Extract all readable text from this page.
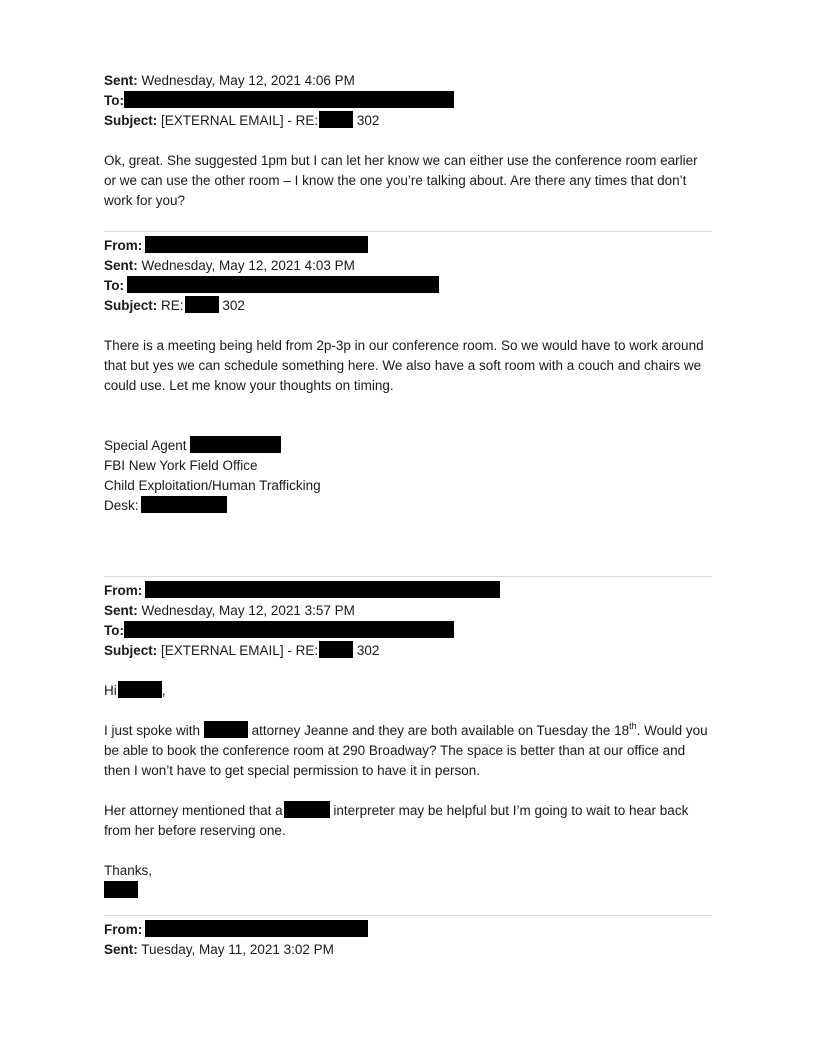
Sent: Wednesday, May 12, 2021 4:06 PM
To:
Subject: [EXTERNAL EMAIL] - RE:	302

Ok, great. She suggested 1pm but I can let her know we can either use the conference room earlier or we can use the other room – I know the one you’re talking about. Are there any times that don’t work for you?

From:
Sent: Wednesday, May 12, 2021 4:03 PM
To:
Subject: RE:	302

There is a meeting being held from 2p-3p in our conference room. So we would have to work around that but yes we can schedule something here. We also have a soft room with a couch and chairs we could use. Let me know your thoughts on timing.

Special Agent
FBI New York Field Office
Child Exploitation/Human Trafficking
Desk:
From:
Sent: Wednesday, May 12, 2021 3:57 PM
To:
Subject: [EXTERNAL EMAIL] - RE:	302
Hi	,

I just spoke with	attorney Jeanne and they are both available on Tuesday the 18th. Would you be able to book the conference room at 290 Broadway? The space is better than at our office and then I won’t have to get special permission to have it in person.

Her attorney mentioned that a	interpreter may be helpful but I’m going to wait to hear back from her before reserving one.

Thanks,
From:
Sent: Tuesday, May 11, 2021 3:02 PM
